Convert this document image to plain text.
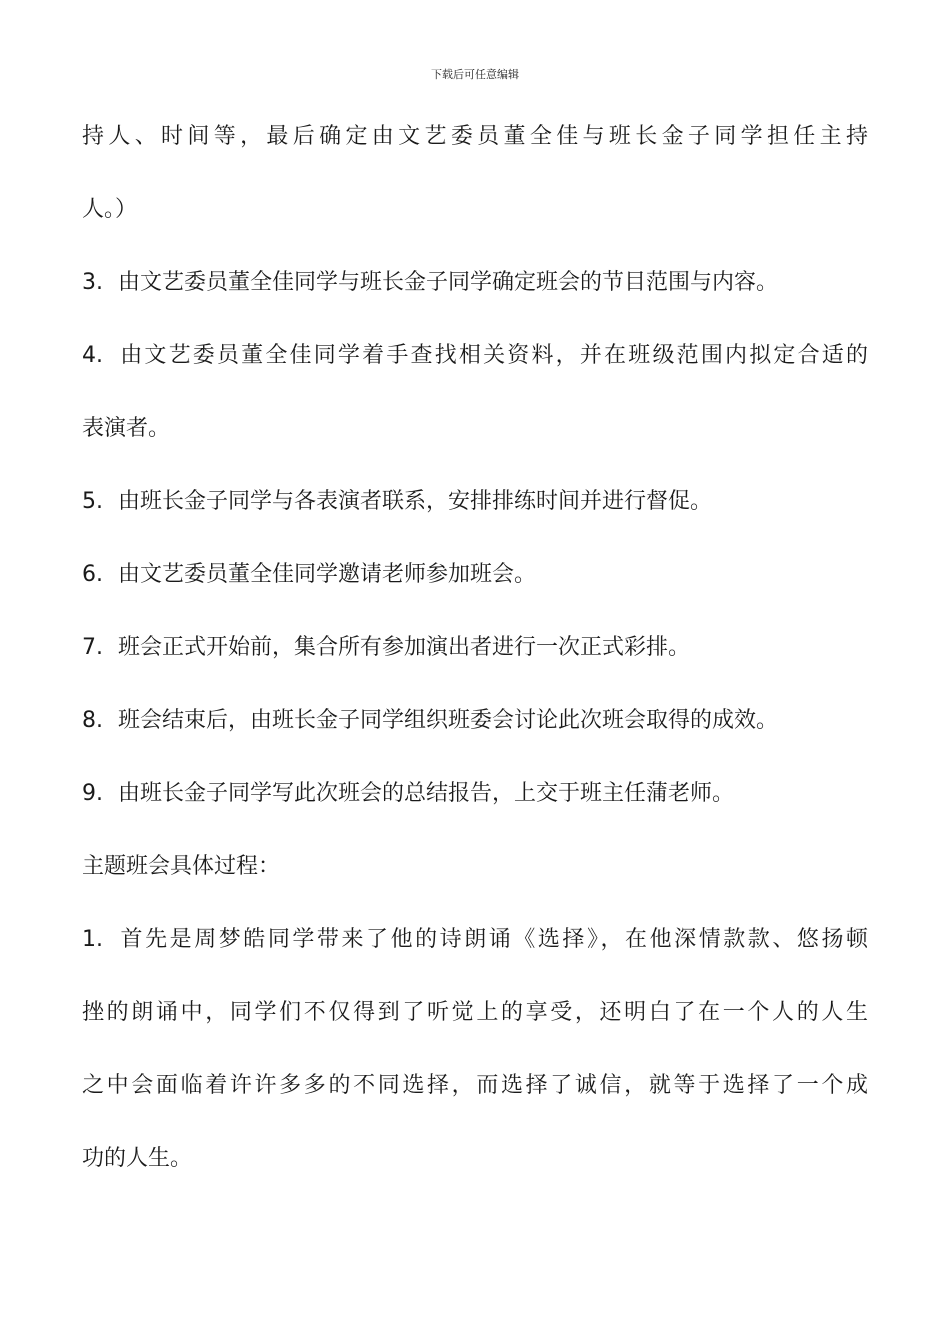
下载后可任意编辑
持人、时间等，最后确定由文艺委员董全佳与班长金子同学担任主持
人。）
3. 由文艺委员董全佳同学与班长金子同学确定班会的节目范围与内容。
4. 由文艺委员董全佳同学着手查找相关资料，并在班级范围内拟定合适的
表演者。
5. 由班长金子同学与各表演者联系，安排排练时间并进行督促。
6. 由文艺委员董全佳同学邀请老师参加班会。
7. 班会正式开始前，集合所有参加演出者进行一次正式彩排。
8. 班会结束后，由班长金子同学组织班委会讨论此次班会取得的成效。
9. 由班长金子同学写此次班会的总结报告，上交于班主任蒲老师。
主题班会具体过程：
1. 首先是周梦皓同学带来了他的诗朗诵《选择》，在他深情款款、悠扬顿
挫的朗诵中，同学们不仅得到了听觉上的享受，还明白了在一个人的人生
之中会面临着许许多多的不同选择，而选择了诚信，就等于选择了一个成
功的人生。
